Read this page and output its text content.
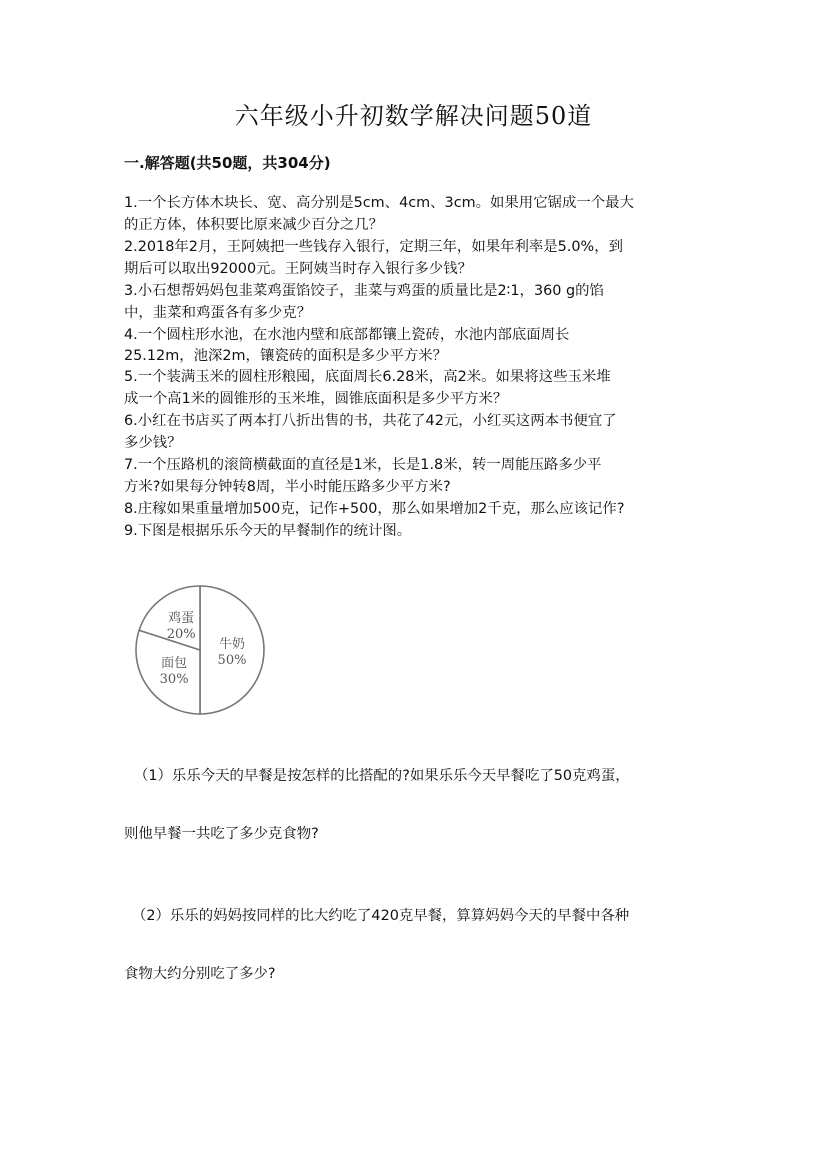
六年级小升初数学解决问题50道
一.解答题(共50题，共304分)
1.一个长方体木块长、宽、高分别是5cm、4cm、3cm。如果用它锯成一个最大
的正方体，体积要比原来减少百分之几？
2.2018年2月，王阿姨把一些钱存入银行，定期三年，如果年利率是5.0%，到
期后可以取出92000元。王阿姨当时存入银行多少钱？
3.小石想帮妈妈包韭菜鸡蛋馅饺子，韭菜与鸡蛋的质量比是2∶1，360 g的馅
中，韭菜和鸡蛋各有多少克？
4.一个圆柱形水池，在水池内壁和底部都镶上瓷砖，水池内部底面周长
25.12m，池深2m，镶瓷砖的面积是多少平方米？
5.一个装满玉米的圆柱形粮囤，底面周长6.28米，高2米。如果将这些玉米堆
成一个高1米的圆锥形的玉米堆，圆锥底面积是多少平方米？
6.小红在书店买了两本打八折出售的书，共花了42元，小红买这两本书便宜了
多少钱？
7.一个压路机的滚筒横截面的直径是1米，长是1.8米，转一周能压路多少平
方米?如果每分钟转8周，半小时能压路多少平方米?
8.庄稼如果重量增加500克，记作+500，那么如果增加2千克，那么应该记作?
9.下图是根据乐乐今天的早餐制作的统计图。
牛奶
50%
面包
30%
鸡蛋
20%
（1）乐乐今天的早餐是按怎样的比搭配的?如果乐乐今天早餐吃了50克鸡蛋，
则他早餐一共吃了多少克食物?
（2）乐乐的妈妈按同样的比大约吃了420克早餐，算算妈妈今天的早餐中各种
食物大约分别吃了多少?
